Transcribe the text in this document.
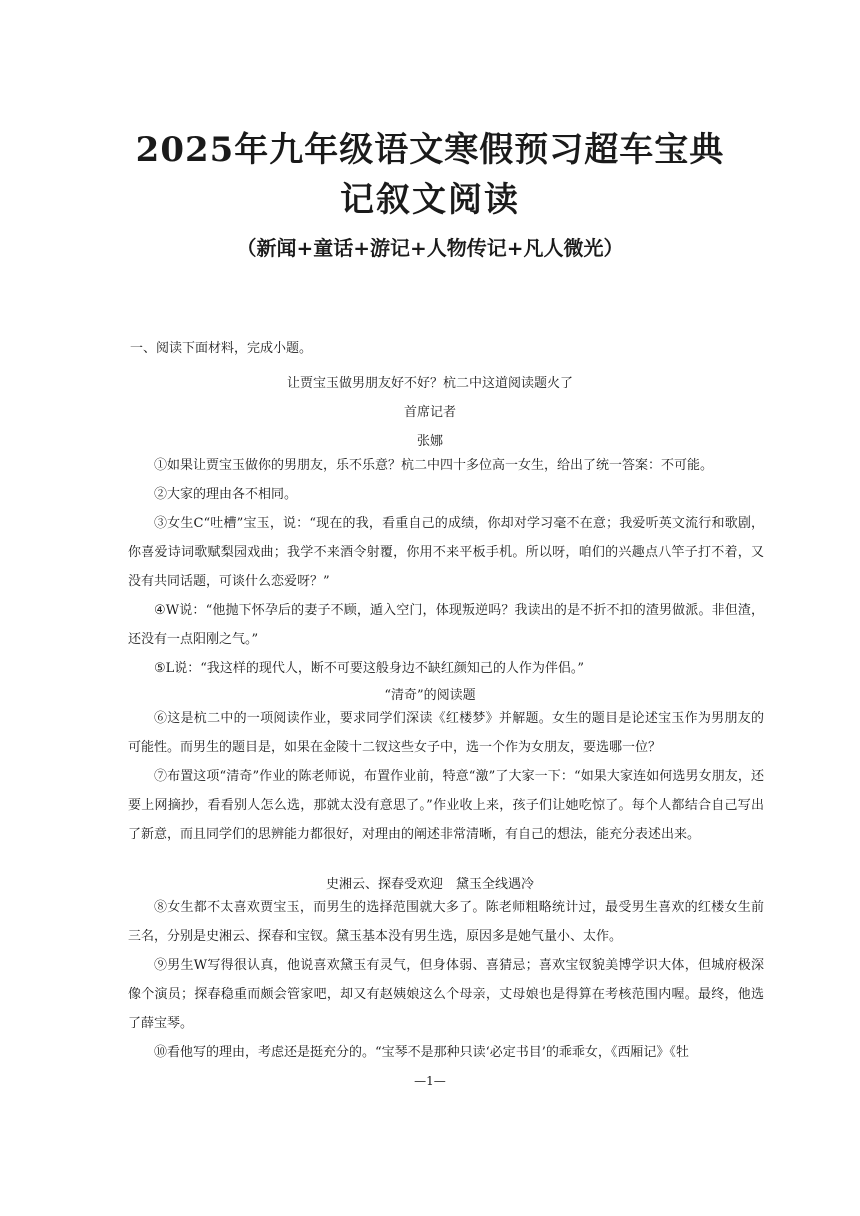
2025年九年级语文寒假预习超车宝典
记叙文阅读
（新闻+童话+游记+人物传记+凡人微光）
一、阅读下面材料，完成小题。
让贾宝玉做男朋友好不好？杭二中这道阅读题火了
首席记者
张娜
①如果让贾宝玉做你的男朋友，乐不乐意？杭二中四十多位高一女生，给出了统一答案：不可能。
②大家的理由各不相同。
③女生C“吐槽”宝玉，说：“现在的我，看重自己的成绩，你却对学习毫不在意；我爱听英文流行和歌剧，你喜爱诗词歌赋梨园戏曲；我学不来酒令射覆，你用不来平板手机。所以呀，咱们的兴趣点八竿子打不着，又没有共同话题，可谈什么恋爱呀？”
④W说：“他抛下怀孕后的妻子不顾，遁入空门，体现叛逆吗？我读出的是不折不扣的渣男做派。非但渣，还没有一点阳刚之气。”
⑤L说：“我这样的现代人，断不可要这般身边不缺红颜知己的人作为伴侣。”
“清奇”的阅读题
⑥这是杭二中的一项阅读作业，要求同学们深读《红楼梦》并解题。女生的题目是论述宝玉作为男朋友的可能性。而男生的题目是，如果在金陵十二钗这些女子中，选一个作为女朋友，要选哪一位？
⑦布置这项“清奇”作业的陈老师说，布置作业前，特意“激”了大家一下：“如果大家连如何选男女朋友，还要上网摘抄，看看别人怎么选，那就太没有意思了。”作业收上来，孩子们让她吃惊了。每个人都结合自己写出了新意，而且同学们的思辨能力都很好，对理由的阐述非常清晰，有自己的想法，能充分表述出来。
史湘云、探春受欢迎　黛玉全线遇冷
⑧女生都不太喜欢贾宝玉，而男生的选择范围就大多了。陈老师粗略统计过，最受男生喜欢的红楼女生前三名，分别是史湘云、探春和宝钗。黛玉基本没有男生选，原因多是她气量小、太作。
⑨男生W写得很认真，他说喜欢黛玉有灵气，但身体弱、喜猜忌；喜欢宝钗貌美博学识大体，但城府极深像个演员；探春稳重而颇会管家吧，却又有赵姨娘这么个母亲，丈母娘也是得算在考核范围内喔。最终，他选了薛宝琴。
⑩看他写的理由，考虑还是挺充分的。“宝琴不是那种只读‘必定书目’的乖乖女，《西厢记》《牡
—1—
